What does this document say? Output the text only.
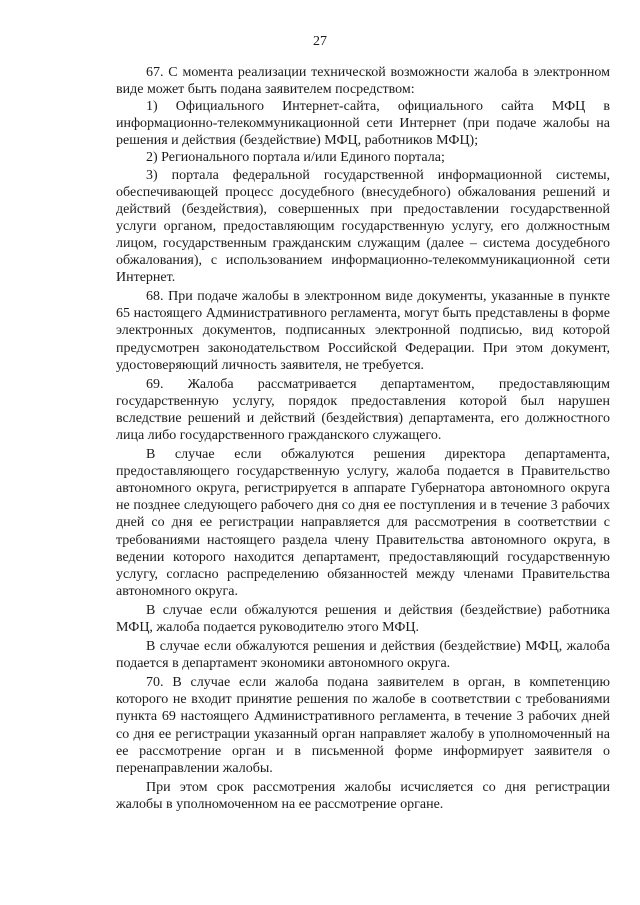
27

67. С момента реализации технической возможности жалоба в электронном виде может быть подана заявителем посредством:

1) Официального Интернет-сайта, официального сайта МФЦ в информационно-телекоммуникационной сети Интернет (при подаче жалобы на решения и действия (бездействие) МФЦ, работников МФЦ);

2) Регионального портала и/или Единого портала;

3) портала федеральной государственной информационной системы, обеспечивающей процесс досудебного (внесудебного) обжалования решений и действий (бездействия), совершенных при предоставлении государственной услуги органом, предоставляющим государственную услугу, его должностным лицом, государственным гражданским служащим (далее – система досудебного обжалования), с использованием информационно-телекоммуникационной сети Интернет.

68. При подаче жалобы в электронном виде документы, указанные в пункте 65 настоящего Административного регламента, могут быть представлены в форме электронных документов, подписанных электронной подписью, вид которой предусмотрен законодательством Российской Федерации. При этом документ, удостоверяющий личность заявителя, не требуется.

69. Жалоба рассматривается департаментом, предоставляющим государственную услугу, порядок предоставления которой был нарушен вследствие решений и действий (бездействия) департамента, его должностного лица либо государственного гражданского служащего.

В случае если обжалуются решения директора департамента, предоставляющего государственную услугу, жалоба подается в Правительство автономного округа, регистрируется в аппарате Губернатора автономного округа не позднее следующего рабочего дня со дня ее поступления и в течение 3 рабочих дней со дня ее регистрации направляется для рассмотрения в соответствии с требованиями настоящего раздела члену Правительства автономного округа, в ведении которого находится департамент, предоставляющий государственную услугу, согласно распределению обязанностей между членами Правительства автономного округа.

В случае если обжалуются решения и действия (бездействие) работника МФЦ, жалоба подается руководителю этого МФЦ.

В случае если обжалуются решения и действия (бездействие) МФЦ, жалоба подается в департамент экономики автономного округа.

70. В случае если жалоба подана заявителем в орган, в компетенцию которого не входит принятие решения по жалобе в соответствии с требованиями пункта 69 настоящего Административного регламента, в течение 3 рабочих дней со дня ее регистрации указанный орган направляет жалобу в уполномоченный на ее рассмотрение орган и в письменной форме информирует заявителя о перенаправлении жалобы.

При этом срок рассмотрения жалобы исчисляется со дня регистрации жалобы в уполномоченном на ее рассмотрение органе.
